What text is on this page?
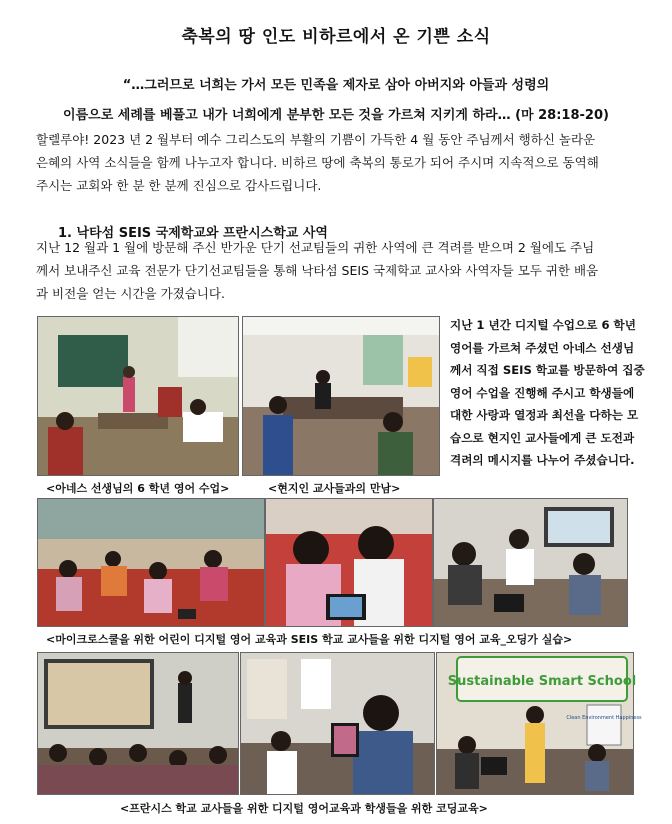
축복의 땅 인도 비하르에서 온 기쁜 소식
“…그러므로 너희는 가서 모든 민족을 제자로 삼아 아버지와 아들과 성령의
이름으로 세례를 베풀고 내가 너희에게 분부한 모든 것을 가르쳐 지키게 하라… (마 28:18-20)
할렐루야! 2023 년 2 월부터 예수 그리스도의 부활의 기쁨이 가득한 4 월 동안 주님께서 행하신 놀라운
은혜의 사역 소식들을 함께 나누고자 합니다. 비하르 땅에 축복의 통로가 되어 주시며 지속적으로 동역해
주시는 교회와 한 분 한 분께 진심으로 감사드립니다.
1. 낙타섬 SEIS 국제학교와 프란시스학교 사역
지난 12 월과 1 월에 방문해 주신 반가운 단기 선교팀들의 귀한 사역에 큰 격려를 받으며 2 월에도 주님
께서 보내주신 교육 전문가 단기선교팀들을 통해 낙타섬 SEIS 국제학교 교사와 사역자들 모두 귀한 배움
과 비전을 얻는 시간을 가졌습니다.
지난 1 년간 디지털 수업으로 6 학년
영어를 가르쳐 주셨던 아네스 선생님
께서 직접 SEIS 학교를 방문하여 집중
영어 수업을 진행해 주시고 학생들에
대한 사랑과 열정과 최선을 다하는 모
습으로 현지인 교사들에게 큰 도전과
격려의 메시지를 나누어 주셨습니다.
<아네스 선생님의 6 학년 영어 수업>	<현지인 교사들과의 만남>
<마이크로스쿨을 위한 어린이 디지털 영어 교육과 SEIS 학교 교사들을 위한 디지털 영어 교육_오딩가 실습>
Sustainable Smart School
Clean Environment Happiness
<프란시스 학교 교사들을 위한 디지털 영어교육과 학생들을 위한 코딩교육>
